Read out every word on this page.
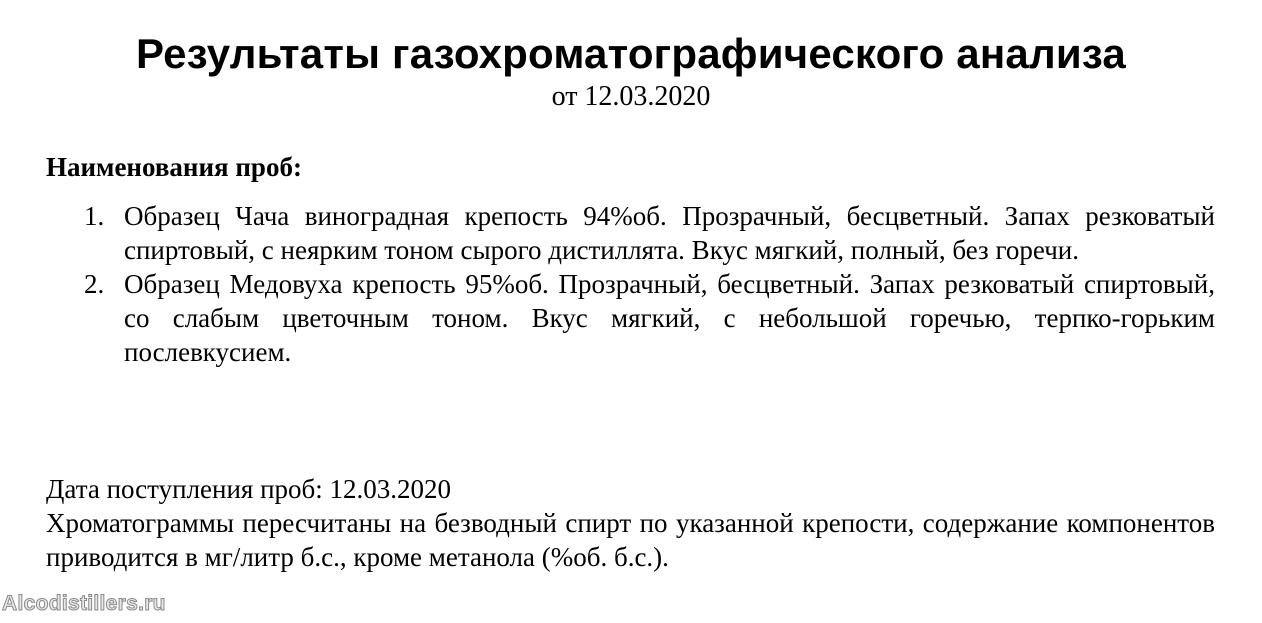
Результаты газохроматографического анализа
от 12.03.2020
Наименования проб:
1. Образец Чача виноградная крепость 94%об. Прозрачный, бесцветный. Запах резковатый спиртовый, с неярким тоном сырого дистиллята. Вкус мягкий, полный, без горечи.
2. Образец Медовуха крепость 95%об. Прозрачный, бесцветный. Запах резковатый спиртовый, со слабым цветочным тоном. Вкус мягкий, с небольшой горечью, терпко-горьким послевкусием.

Дата поступления проб: 12.03.2020

Хроматограммы пересчитаны на безводный спирт по указанной крепости, содержание компонентов приводится в мг/литр б.с., кроме метанола (%об. б.с.).

Alcodistillers.ru
